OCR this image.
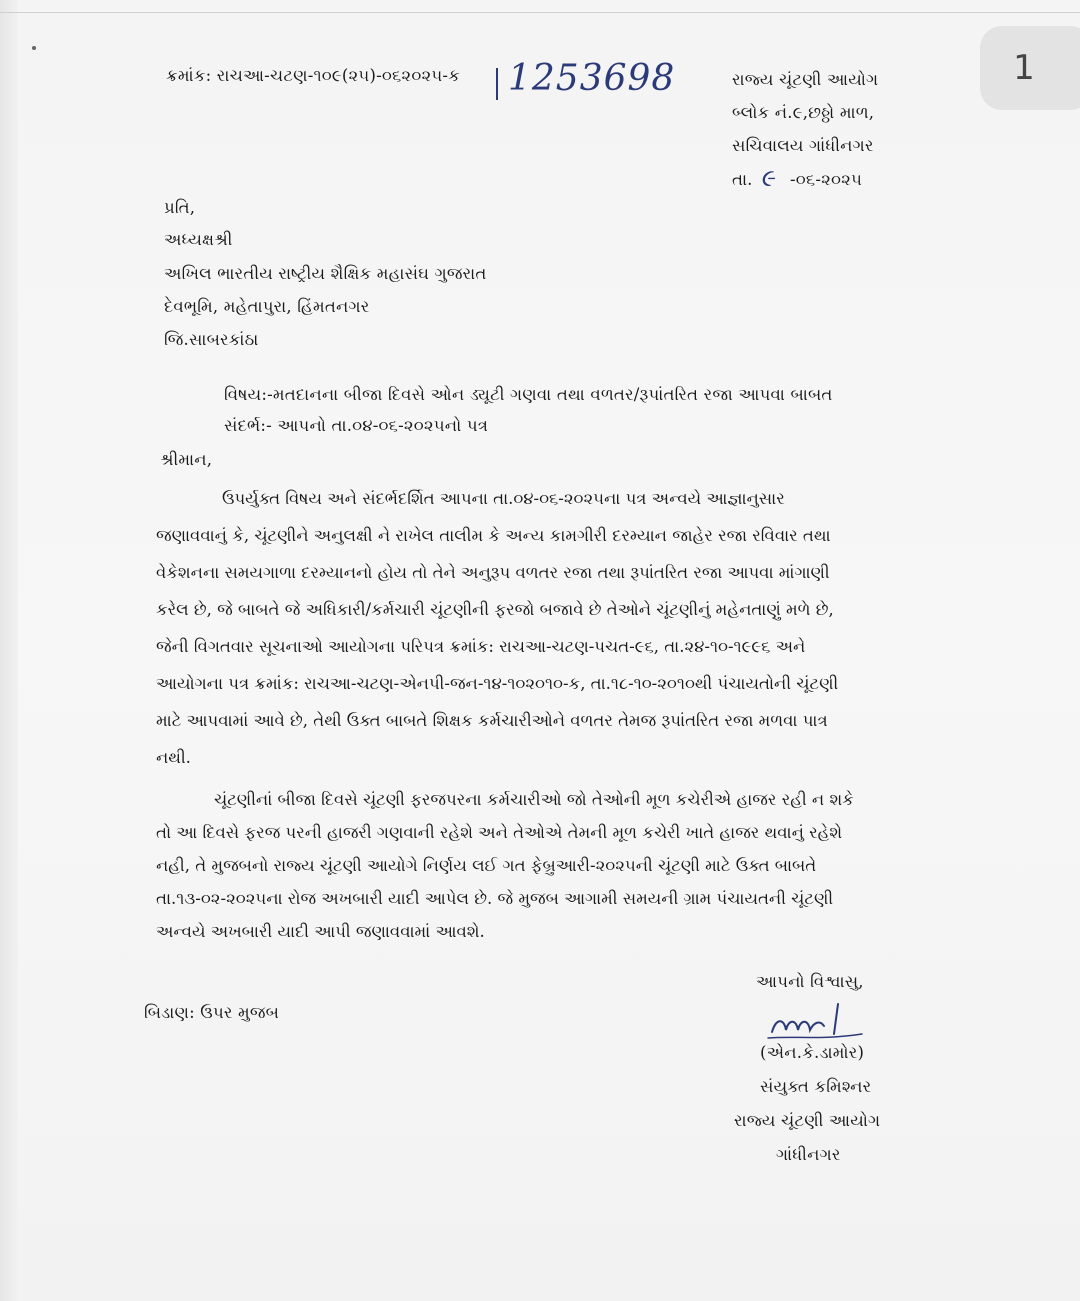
1
ક્રમાંક: રાચઆ-ચટણ-૧૦૯(૨૫)-૦૬૨૦૨૫-ક 1253698	રાજ્ય ચૂંટણી આયોગ
બ્લોક નં.૯,છઠ્ઠો માળ,
સચિવાલય ગાંધીનગર
તા. ૯ -૦૬-૨૦૨૫
પ્રતિ,
અધ્યક્ષશ્રી
અખિલ ભારતીય રાષ્ટ્રીય શૈક્ષિક મહાસંઘ ગુજરાત
દેવભૂમિ, મહેતાપુરા, હિંમતનગર
જિ.સાબરકાંઠા
વિષય:-મતદાનના બીજા દિવસે ઓન ડ્યૂટી ગણવા તથા વળતર/રૂપાંતરિત રજા આપવા બાબત
સંદર્ભ:- આપનો તા.૦૪-૦૬-૨૦૨૫નો પત્ર
શ્રીમાન,
ઉપર્યુક્ત વિષય અને સંદર્ભદર્શિત આપના તા.૦૪-૦૬-૨૦૨૫ના પત્ર અન્વયે આજ્ઞાનુસાર
જણાવવાનું કે, ચૂંટણીને અનુલક્ષી ને રાખેલ તાલીમ કે અન્ય કામગીરી દરમ્યાન જાહેર રજા રવિવાર તથા
વેકેશનના સમયગાળા દરમ્યાનનો હોય તો તેને અનુરૂપ વળતર રજા તથા રૂપાંતરિત રજા આપવા માંગાણી
કરેલ છે, જે બાબતે જે અધિકારી/કર્મચારી ચૂંટણીની ફરજો બજાવે છે તેઓને ચૂંટણીનું મહેનતાણું મળે છે,
જેની વિગતવાર સૂચનાઓ આયોગના પરિપત્ર ક્રમાંક: રાચઆ-ચટણ-પચત-૯૬, તા.૨૪-૧૦-૧૯૯૬ અને
આયોગના પત્ર ક્રમાંક: રાચઆ-ચટણ-એનપી-જન-૧૪-૧૦૨૦૧૦-ક, તા.૧૮-૧૦-૨૦૧૦થી પંચાયતોની ચૂંટણી
માટે આપવામાં આવે છે, તેથી ઉક્ત બાબતે શિક્ષક કર્મચારીઓને વળતર તેમજ રૂપાંતરિત રજા મળવા પાત્ર
નથી.
ચૂંટણીનાં બીજા દિવસે ચૂંટણી ફરજપરના કર્મચારીઓ જો તેઓની મૂળ કચેરીએ હાજર રહી ન શકે
તો આ દિવસે ફરજ પરની હાજરી ગણવાની રહેશે અને તેઓએ તેમની મૂળ કચેરી ખાતે હાજર થવાનું રહેશે
નહી, તે મુજબનો રાજ્ય ચૂંટણી આયોગે નિર્ણય લઈ ગત ફેબ્રુઆરી-૨૦૨૫ની ચૂંટણી માટે ઉક્ત બાબતે
તા.૧૩-૦૨-૨૦૨૫ના રોજ અખબારી યાદી આપેલ છે. જે મુજબ આગામી સમયની ગ્રામ પંચાયતની ચૂંટણી
અન્વયે અખબારી યાદી આપી જણાવવામાં આવશે.
આપનો વિશ્વાસુ,
બિડાણ: ઉપર મુજબ
(એન.કે.ડામોર)
સંયુક્ત કમિશ્નર
રાજ્ય ચૂંટણી આયોગ
ગાંધીનગર
